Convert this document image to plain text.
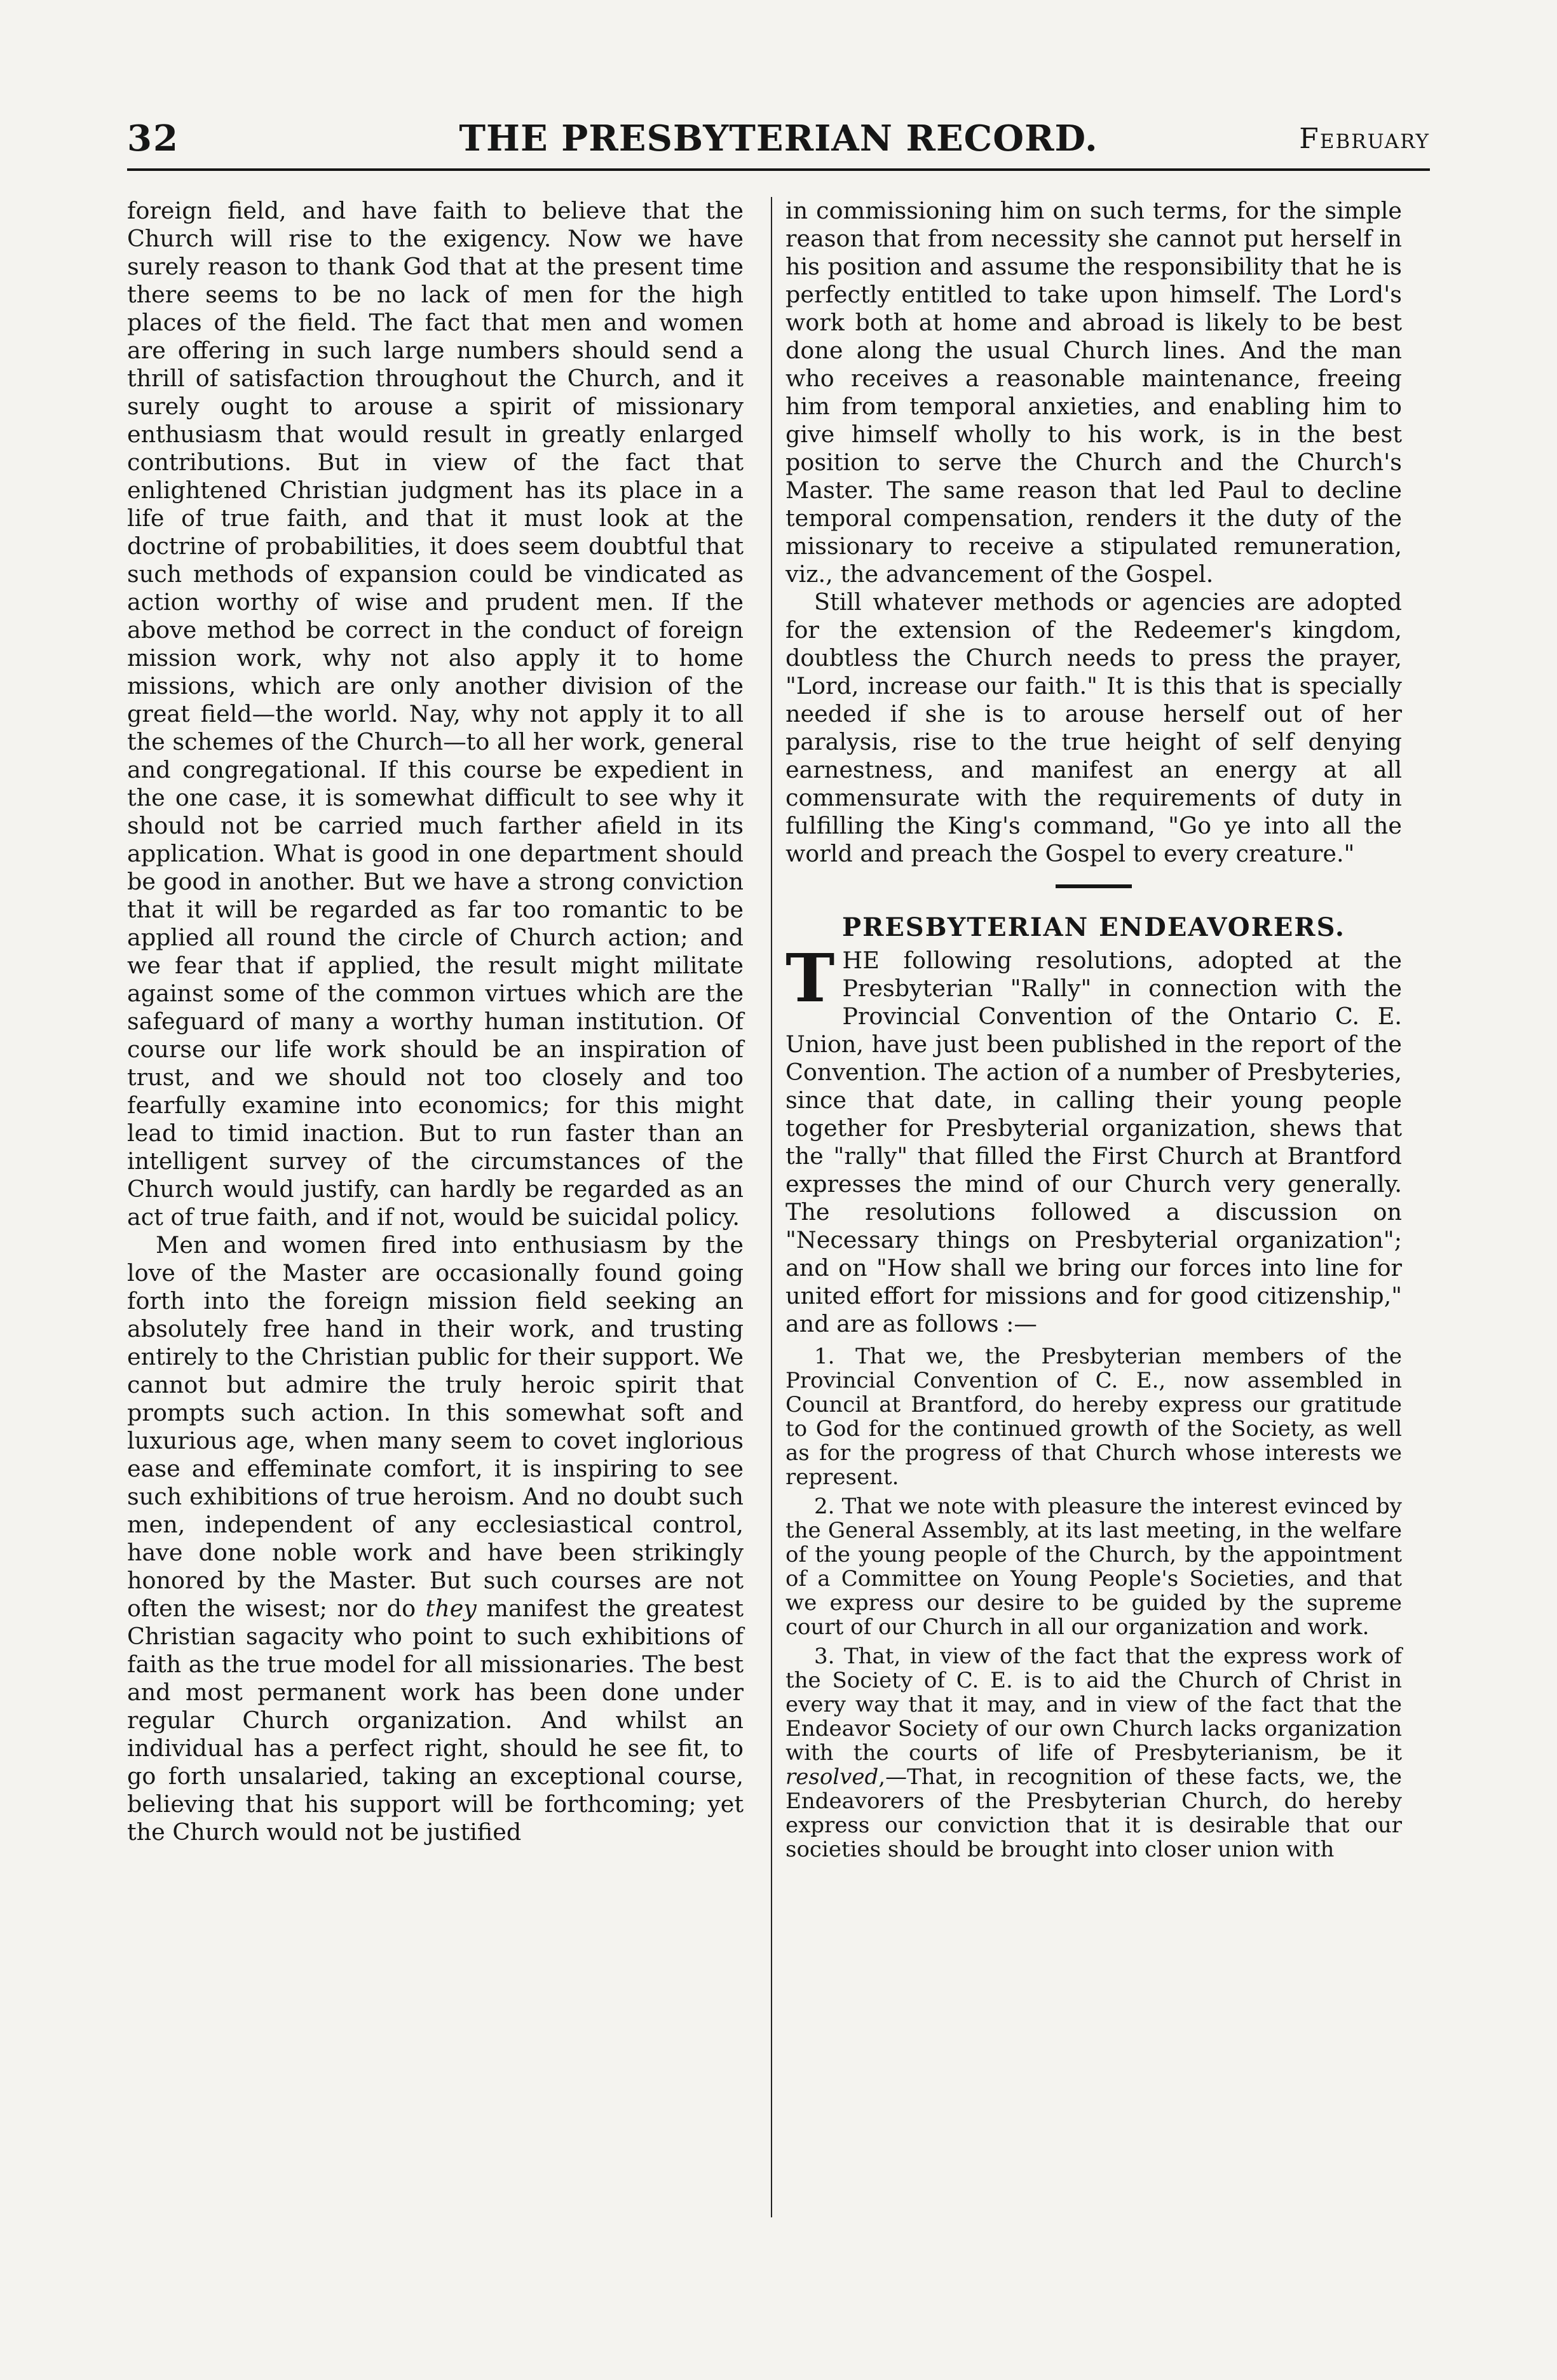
32	THE PRESBYTERIAN RECORD.	February

foreign field, and have faith to believe that the Church will rise to the exigency. Now we have surely reason to thank God that at the present time there seems to be no lack of men for the high places of the field. The fact that men and women are offering in such large numbers should send a thrill of satisfaction throughout the Church, and it surely ought to arouse a spirit of missionary enthusiasm that would result in greatly enlarged contributions. But in view of the fact that enlightened Christian judgment has its place in a life of true faith, and that it must look at the doctrine of probabilities, it does seem doubtful that such methods of expansion could be vindicated as action worthy of wise and prudent men. If the above method be correct in the conduct of foreign mission work, why not also apply it to home missions, which are only another division of the great field—the world. Nay, why not apply it to all the schemes of the Church—to all her work, general and congregational. If this course be expedient in the one case, it is somewhat difficult to see why it should not be carried much farther afield in its application. What is good in one department should be good in another. But we have a strong conviction that it will be regarded as far too romantic to be applied all round the circle of Church action; and we fear that if applied, the result might militate against some of the common virtues which are the safeguard of many a worthy human institution. Of course our life work should be an inspiration of trust, and we should not too closely and too fearfully examine into economics; for this might lead to timid inaction. But to run faster than an intelligent survey of the circumstances of the Church would justify, can hardly be regarded as an act of true faith, and if not, would be suicidal policy.

Men and women fired into enthusiasm by the love of the Master are occasionally found going forth into the foreign mission field seeking an absolutely free hand in their work, and trusting entirely to the Christian public for their support. We cannot but admire the truly heroic spirit that prompts such action. In this somewhat soft and luxurious age, when many seem to covet inglorious ease and effeminate comfort, it is inspiring to see such exhibitions of true heroism. And no doubt such men, independent of any ecclesiastical control, have done noble work and have been strikingly honored by the Master. But such courses are not often the wisest; nor do they manifest the greatest Christian sagacity who point to such exhibitions of faith as the true model for all missionaries. The best and most permanent work has been done under regular Church organization. And whilst an individual has a perfect right, should he see fit, to go forth unsalaried, taking an exceptional course, believing that his support will be forthcoming; yet the Church would not be justified

in commissioning him on such terms, for the simple reason that from necessity she cannot put herself in his position and assume the responsibility that he is perfectly entitled to take upon himself. The Lord's work both at home and abroad is likely to be best done along the usual Church lines. And the man who receives a reasonable maintenance, freeing him from temporal anxieties, and enabling him to give himself wholly to his work, is in the best position to serve the Church and the Church's Master. The same reason that led Paul to decline temporal compensation, renders it the duty of the missionary to receive a stipulated remuneration, viz., the advancement of the Gospel.

Still whatever methods or agencies are adopted for the extension of the Redeemer's kingdom, doubtless the Church needs to press the prayer, "Lord, increase our faith." It is this that is specially needed if she is to arouse herself out of her paralysis, rise to the true height of self denying earnestness, and manifest an energy at all commensurate with the requirements of duty in fulfilling the King's command, "Go ye into all the world and preach the Gospel to every creature."

PRESBYTERIAN ENDEAVORERS.

THE following resolutions, adopted at the Presbyterian "Rally" in connection with the Provincial Convention of the Ontario C. E. Union, have just been published in the report of the Convention. The action of a number of Presbyteries, since that date, in calling their young people together for Presbyterial organization, shews that the "rally" that filled the First Church at Brantford expresses the mind of our Church very generally. The resolutions followed a discussion on "Necessary things on Presbyterial organization"; and on "How shall we bring our forces into line for united effort for missions and for good citizenship," and are as follows :—

1. That we, the Presbyterian members of the Provincial Convention of C. E., now assembled in Council at Brantford, do hereby express our gratitude to God for the continued growth of the Society, as well as for the progress of that Church whose interests we represent.

2. That we note with pleasure the interest evinced by the General Assembly, at its last meeting, in the welfare of the young people of the Church, by the appointment of a Committee on Young People's Societies, and that we express our desire to be guided by the supreme court of our Church in all our organization and work.

3. That, in view of the fact that the express work of the Society of C. E. is to aid the Church of Christ in every way that it may, and in view of the fact that the Endeavor Society of our own Church lacks organization with the courts of life of Presbyterianism, be it resolved,—That, in recognition of these facts, we, the Endeavorers of the Presbyterian Church, do hereby express our conviction that it is desirable that our societies should be brought into closer union with
